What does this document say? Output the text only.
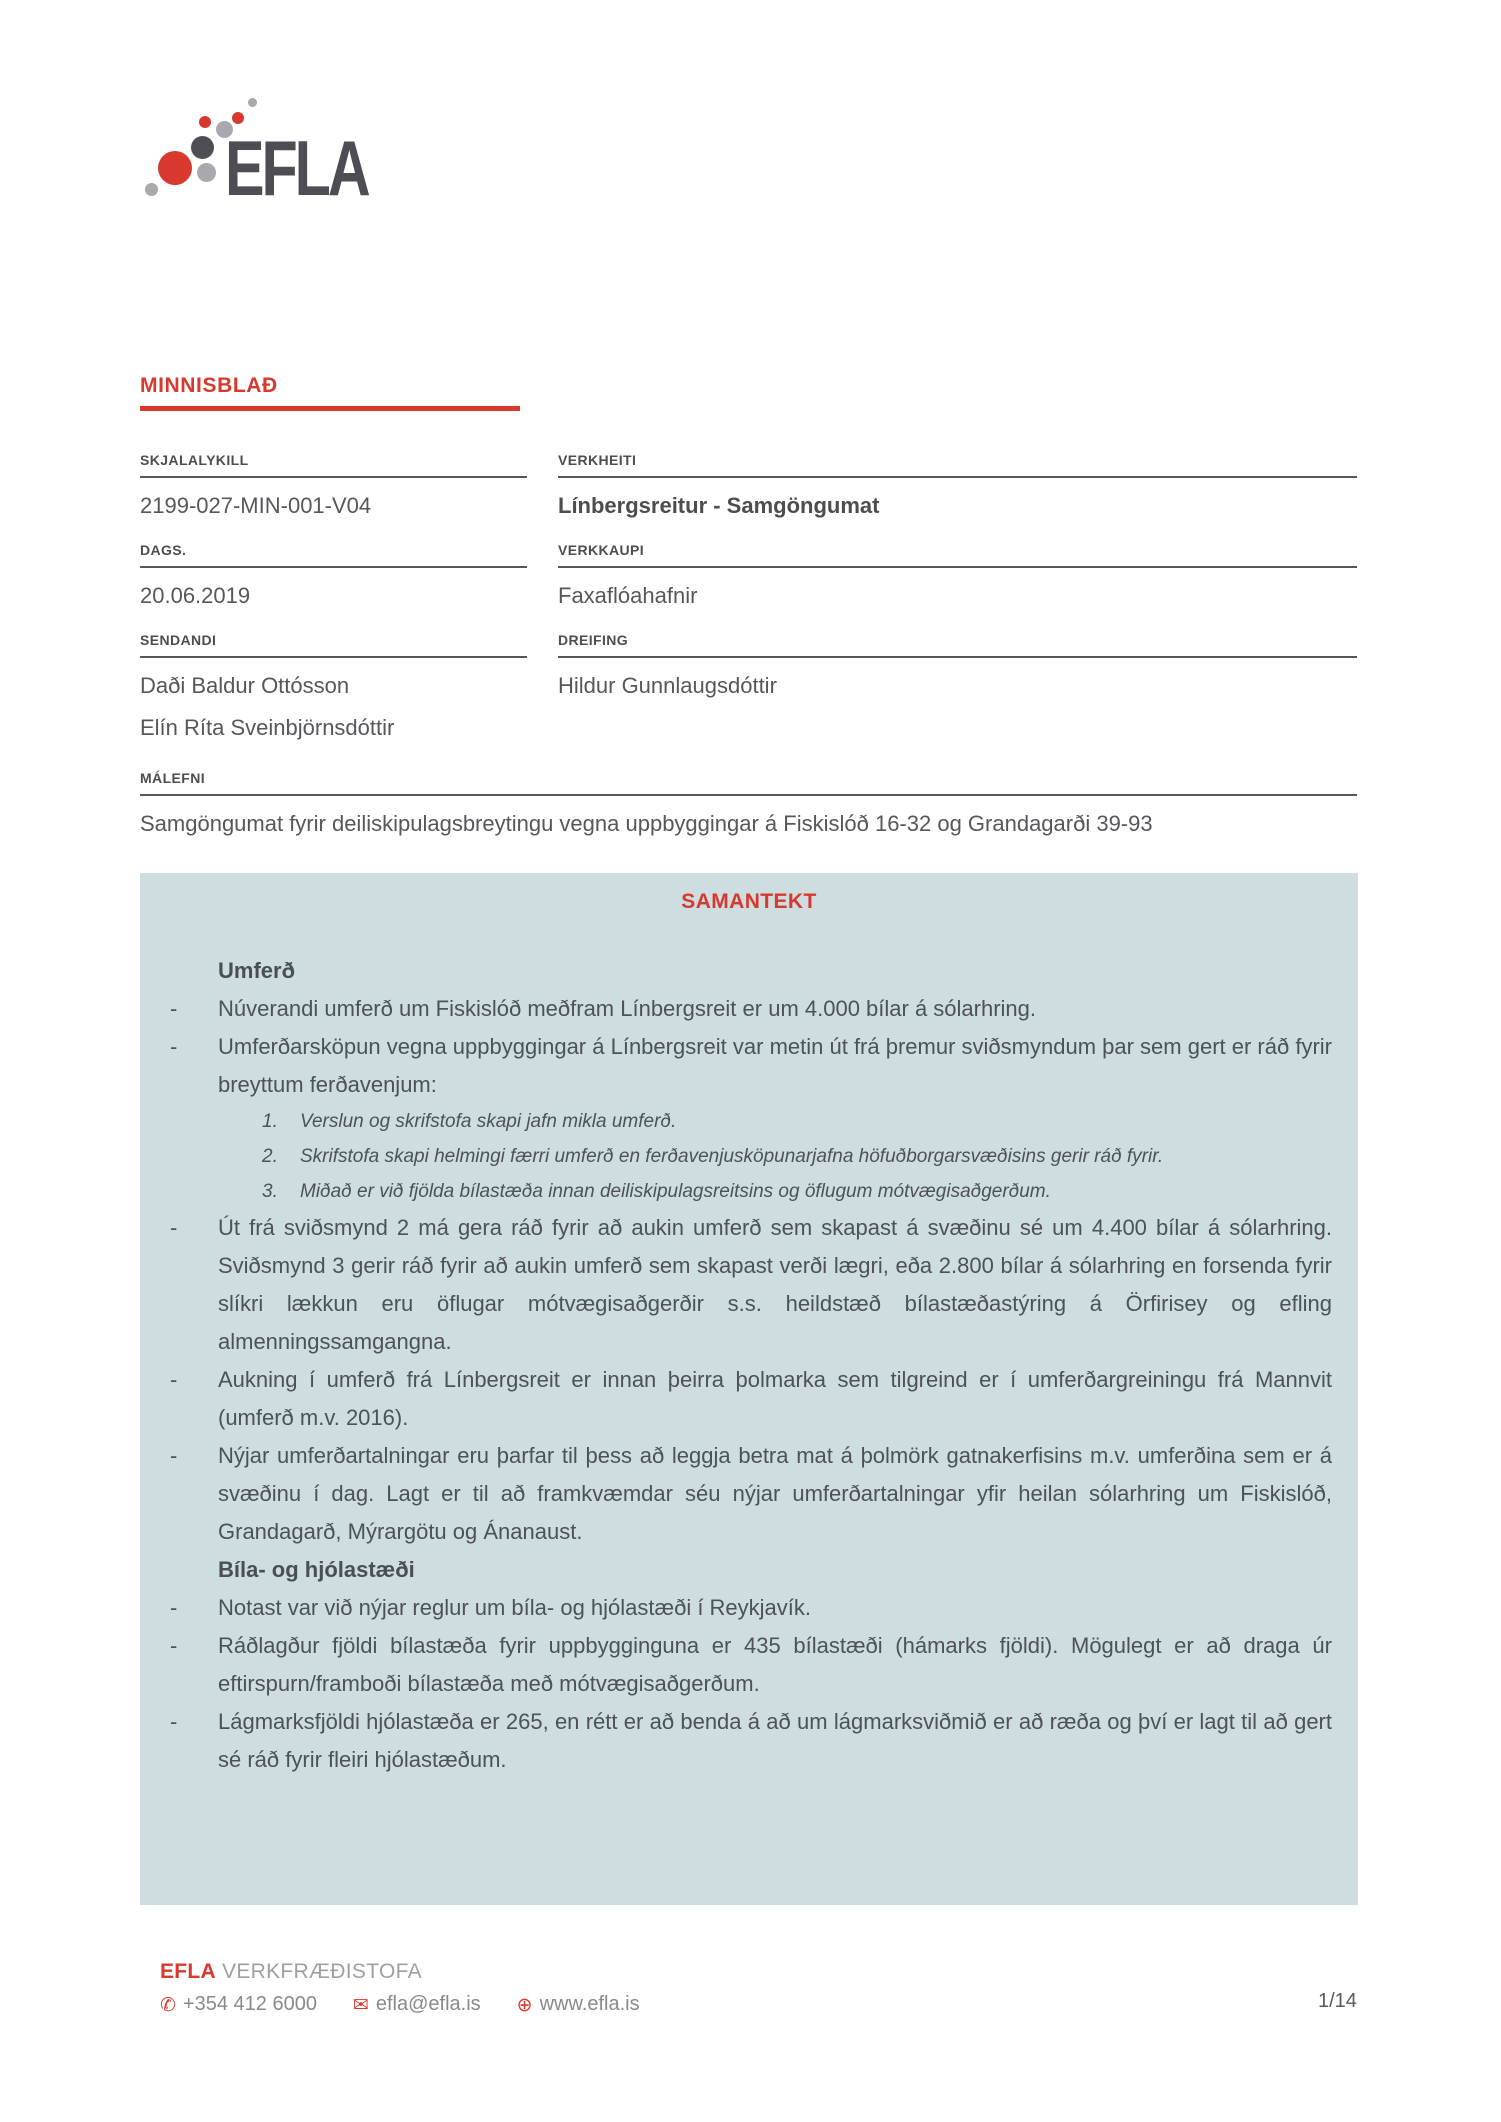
EFLA
MINNISBLAÐ
SKJALALYKILL
2199-027-MIN-001-V04
VERKHEITI
Línbergsreitur - Samgöngumat
DAGS.
20.06.2019
VERKKAUPI
Faxaflóahafnir
SENDANDI
Daði Baldur Ottósson
Elín Ríta Sveinbjörnsdóttir
DREIFING
Hildur Gunnlaugsdóttir
MÁLEFNI
Samgöngumat fyrir deiliskipulagsbreytingu vegna uppbyggingar á Fiskislóð 16-32 og Grandagarði 39-93
SAMANTEKT
Umferð
- Núverandi umferð um Fiskislóð meðfram Línbergsreit er um 4.000 bílar á sólarhring.
- Umferðarsköpun vegna uppbyggingar á Línbergsreit var metin út frá þremur sviðsmyndum þar sem gert er ráð fyrir breyttum ferðavenjum:
1. Verslun og skrifstofa skapi jafn mikla umferð.
2. Skrifstofa skapi helmingi færri umferð en ferðavenjusköpunarjafna höfuðborgarsvæðisins gerir ráð fyrir.
3. Miðað er við fjölda bílastæða innan deiliskipulagsreitsins og öflugum mótvægisaðgerðum.
- Út frá sviðsmynd 2 má gera ráð fyrir að aukin umferð sem skapast á svæðinu sé um 4.400 bílar á sólarhring. Sviðsmynd 3 gerir ráð fyrir að aukin umferð sem skapast verði lægri, eða 2.800 bílar á sólarhring en forsenda fyrir slíkri lækkun eru öflugar mótvægisaðgerðir s.s. heildstæð bílastæðastýring á Örfirisey og efling almenningssamgangna.
- Aukning í umferð frá Línbergsreit er innan þeirra þolmarka sem tilgreind er í umferðargreiningu frá Mannvit (umferð m.v. 2016).
- Nýjar umferðartalningar eru þarfar til þess að leggja betra mat á þolmörk gatnakerfisins m.v. umferðina sem er á svæðinu í dag. Lagt er til að framkvæmdar séu nýjar umferðartalningar yfir heilan sólarhring um Fiskislóð, Grandagarð, Mýrargötu og Ánanaust.
Bíla- og hjólastæði
- Notast var við nýjar reglur um bíla- og hjólastæði í Reykjavík.
- Ráðlagður fjöldi bílastæða fyrir uppbygginguna er 435 bílastæði (hámarks fjöldi). Mögulegt er að draga úr eftirspurn/framboði bílastæða með mótvægisaðgerðum.
- Lágmarksfjöldi hjólastæða er 265, en rétt er að benda á að um lágmarksviðmið er að ræða og því er lagt til að gert sé ráð fyrir fleiri hjólastæðum.
EFLA VERKFRÆÐISTOFA
✆ +354 412 6000 ✉ efla@efla.is ⊕ www.efla.is	1/14
